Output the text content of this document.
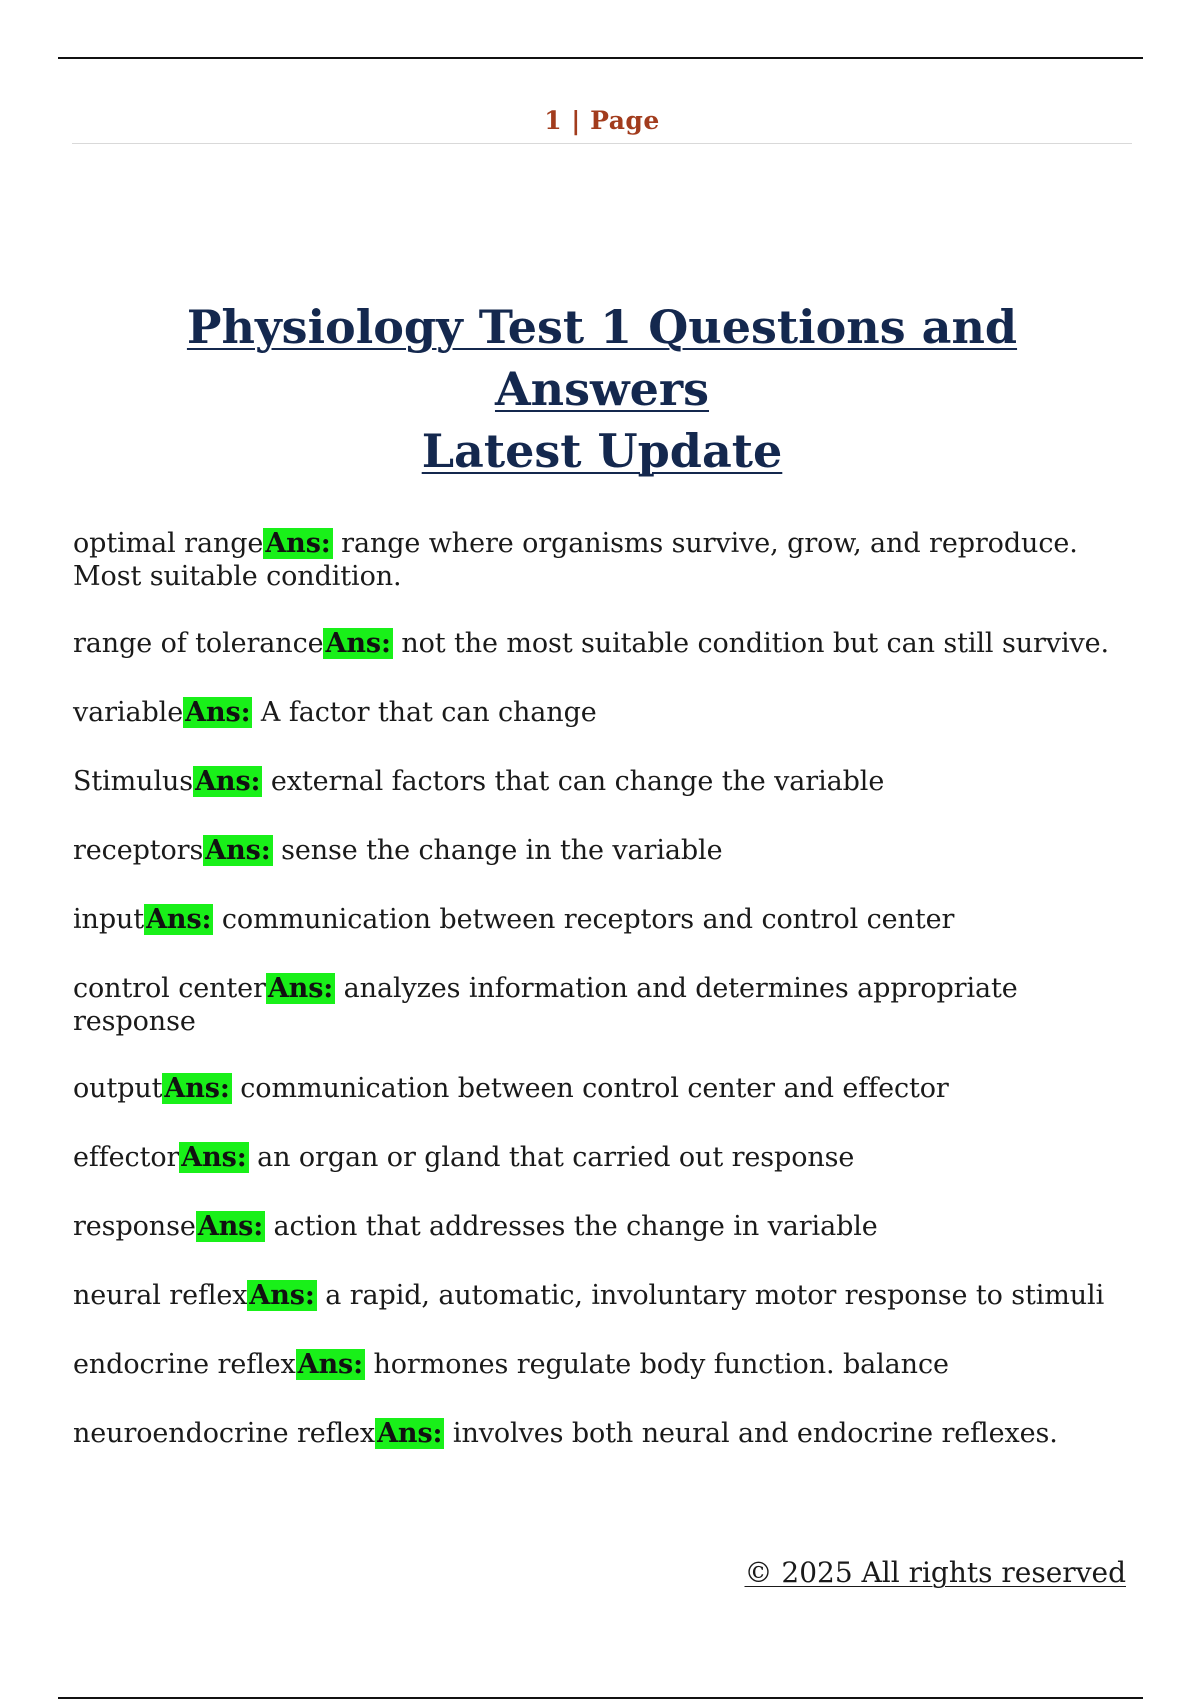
1 | Page
Physiology Test 1 Questions and Answers
Latest Update
optimal rangeAns: range where organisms survive, grow, and reproduce. Most suitable condition.
range of toleranceAns: not the most suitable condition but can still survive.
variableAns: A factor that can change
StimulusAns: external factors that can change the variable
receptorsAns: sense the change in the variable
inputAns: communication between receptors and control center
control centerAns: analyzes information and determines appropriate response
outputAns: communication between control center and effector
effectorAns: an organ or gland that carried out response
responseAns: action that addresses the change in variable
neural reflexAns: a rapid, automatic, involuntary motor response to stimuli
endocrine reflexAns: hormones regulate body function. balance
neuroendocrine reflexAns: involves both neural and endocrine reflexes.
© 2025 All rights reserved
